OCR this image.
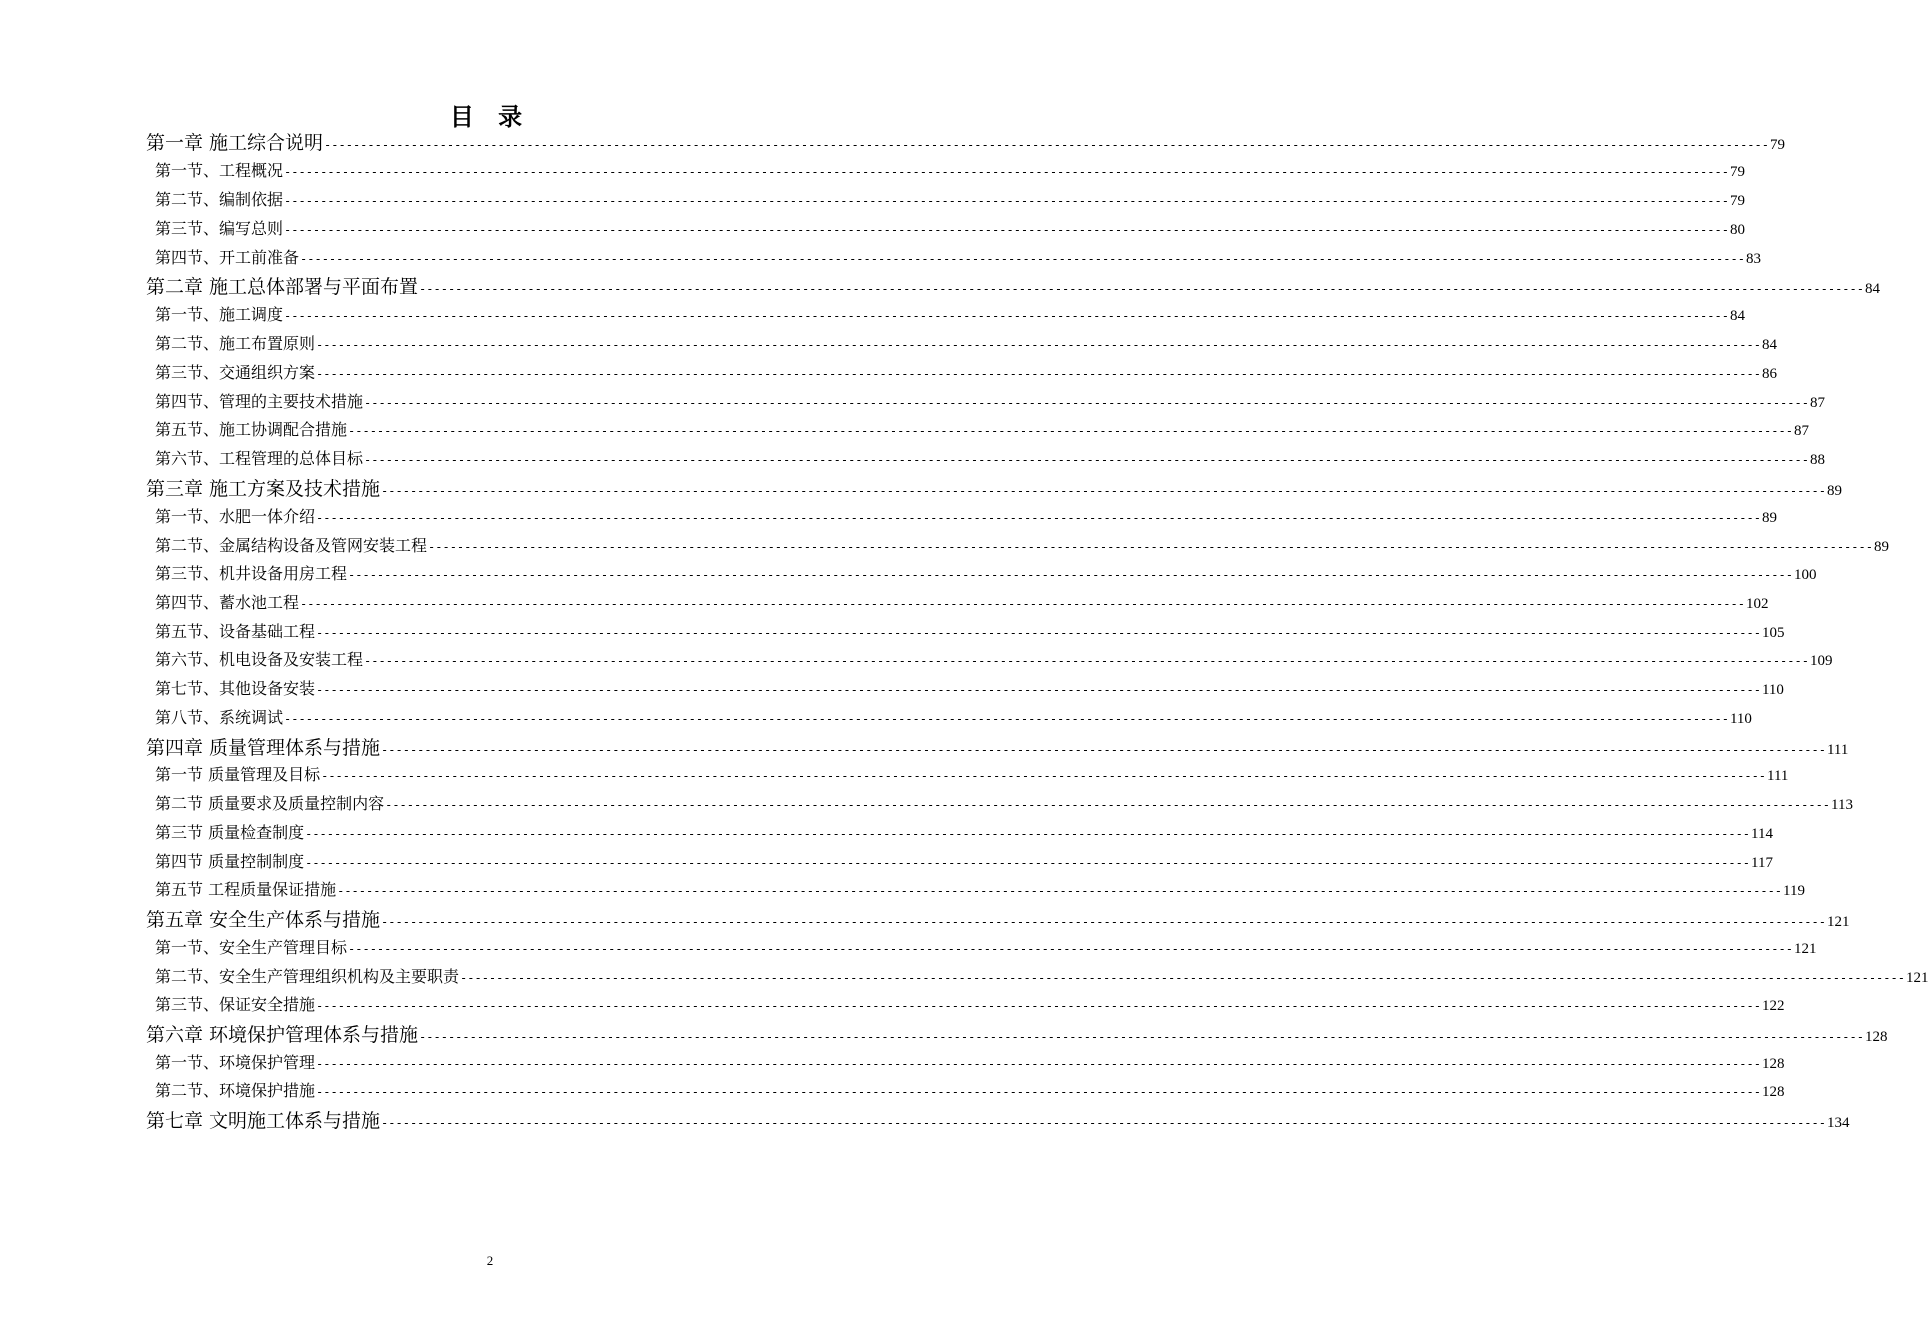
目 录
第一章 施工综合说明 -------------------------------------------------------------------------------------------------------------------------------------------------------------------------------------------------------- 79
第一节、工程概况 -------------------------------------------------------------------------------------------------------------------------------------------------------------------------------------------------------- 79
第二节、编制依据 -------------------------------------------------------------------------------------------------------------------------------------------------------------------------------------------------------- 79
第三节、编写总则 -------------------------------------------------------------------------------------------------------------------------------------------------------------------------------------------------------- 80
第四节、开工前准备 -------------------------------------------------------------------------------------------------------------------------------------------------------------------------------------------------------- 83
第二章 施工总体部署与平面布置 -------------------------------------------------------------------------------------------------------------------------------------------------------------------------------------------------------- 84
第一节、施工调度 -------------------------------------------------------------------------------------------------------------------------------------------------------------------------------------------------------- 84
第二节、施工布置原则 -------------------------------------------------------------------------------------------------------------------------------------------------------------------------------------------------------- 84
第三节、交通组织方案 -------------------------------------------------------------------------------------------------------------------------------------------------------------------------------------------------------- 86
第四节、管理的主要技术措施 -------------------------------------------------------------------------------------------------------------------------------------------------------------------------------------------------------- 87
第五节、施工协调配合措施 -------------------------------------------------------------------------------------------------------------------------------------------------------------------------------------------------------- 87
第六节、工程管理的总体目标 -------------------------------------------------------------------------------------------------------------------------------------------------------------------------------------------------------- 88
第三章 施工方案及技术措施 -------------------------------------------------------------------------------------------------------------------------------------------------------------------------------------------------------- 89
第一节、水肥一体介绍 -------------------------------------------------------------------------------------------------------------------------------------------------------------------------------------------------------- 89
第二节、金属结构设备及管网安装工程 -------------------------------------------------------------------------------------------------------------------------------------------------------------------------------------------------------- 89
第三节、机井设备用房工程 -------------------------------------------------------------------------------------------------------------------------------------------------------------------------------------------------------- 100
第四节、蓄水池工程 -------------------------------------------------------------------------------------------------------------------------------------------------------------------------------------------------------- 102
第五节、设备基础工程 -------------------------------------------------------------------------------------------------------------------------------------------------------------------------------------------------------- 105
第六节、机电设备及安装工程 -------------------------------------------------------------------------------------------------------------------------------------------------------------------------------------------------------- 109
第七节、其他设备安装 -------------------------------------------------------------------------------------------------------------------------------------------------------------------------------------------------------- 110
第八节、系统调试 -------------------------------------------------------------------------------------------------------------------------------------------------------------------------------------------------------- 110
第四章 质量管理体系与措施 -------------------------------------------------------------------------------------------------------------------------------------------------------------------------------------------------------- 111
第一节 质量管理及目标 -------------------------------------------------------------------------------------------------------------------------------------------------------------------------------------------------------- 111
第二节 质量要求及质量控制内容 -------------------------------------------------------------------------------------------------------------------------------------------------------------------------------------------------------- 113
第三节 质量检查制度 -------------------------------------------------------------------------------------------------------------------------------------------------------------------------------------------------------- 114
第四节 质量控制制度 -------------------------------------------------------------------------------------------------------------------------------------------------------------------------------------------------------- 117
第五节 工程质量保证措施 -------------------------------------------------------------------------------------------------------------------------------------------------------------------------------------------------------- 119
第五章 安全生产体系与措施 -------------------------------------------------------------------------------------------------------------------------------------------------------------------------------------------------------- 121
第一节、安全生产管理目标 -------------------------------------------------------------------------------------------------------------------------------------------------------------------------------------------------------- 121
第二节、安全生产管理组织机构及主要职责 -------------------------------------------------------------------------------------------------------------------------------------------------------------------------------------------------------- 121
第三节、保证安全措施 -------------------------------------------------------------------------------------------------------------------------------------------------------------------------------------------------------- 122
第六章 环境保护管理体系与措施 -------------------------------------------------------------------------------------------------------------------------------------------------------------------------------------------------------- 128
第一节、环境保护管理 -------------------------------------------------------------------------------------------------------------------------------------------------------------------------------------------------------- 128
第二节、环境保护措施 -------------------------------------------------------------------------------------------------------------------------------------------------------------------------------------------------------- 128
第七章 文明施工体系与措施 -------------------------------------------------------------------------------------------------------------------------------------------------------------------------------------------------------- 134
2
